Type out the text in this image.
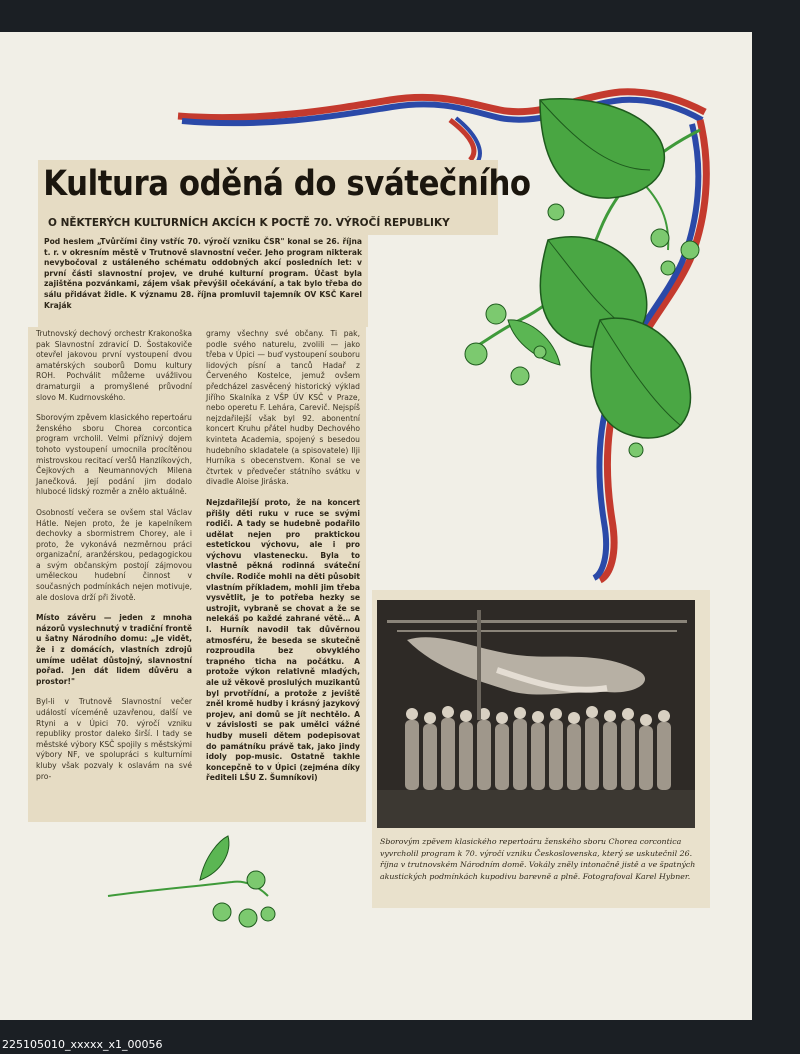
Kultura oděná do svátečního
O NĚKTERÝCH KULTURNÍCH AKCÍCH K POCTĚ 70. VÝROČÍ REPUBLIKY

Pod heslem „Tvůrčími činy vstříc 70. výročí vzniku ČSR" konal se 26. října t. r. v okresním městě v Trutnově slavnostní večer. Jeho program nikterak nevybočoval z ustáleného schématu oddobných akcí posledních let: v první části slavnostní projev, ve druhé kulturní program. Účast byla zajištěna pozvánkami, zájem však převýšil očekávání, a tak bylo třeba do sálu přidávat židle. K významu 28. října promluvil tajemník OV KSČ Karel Kraják

Trutnovský dechový orchestr Krakonoška pak Slavnostní zdravicí D. Šostakoviče otevřel jakovou první vystoupení dvou amatérských souborů Domu kultury ROH. Pochválit můžeme uvážlivou dramaturgii a promyšlené průvodní slovo M. Kudrnovského.

Sborovým zpěvem klasického repertoáru ženského sboru Chorea corcontica program vrcholil. Velmi příznivý dojem tohoto vystoupení umocnila procítěnou mistrovskou recitací veršů Hanzlíkových, Čejkových a Neumannových Milena Janečková. Její podání jim dodalo hlubocé lidský rozměr a znělo aktuálně.

Osobností večera se ovšem stal Václav Hátle. Nejen proto, že je kapelníkem dechovky a sbormistrem Chorey, ale i proto, že vykonává nezměrnou práci organizační, aranžérskou, pedagogickou a svým občanským postojí zájmovou uměleckou hudební činnost v současných podmínkách nejen motivuje, ale doslova drží při životě.

Místo závěru — jeden z mnoha názorů vyslechnutý v tradiční frontě u šatny Národního domu: „Je vidět, že i z domácích, vlastních zdrojů umíme udělat důstojný, slavnostní pořad. Jen dát lidem důvěru a prostor!"

Byl-li v Trutnově Slavnostní večer událostí víceméně uzavřenou, další ve Rtyni a v Úpici 70. výročí vzniku republiky prostor daleko širší. I tady se městské výbory KSČ spojily s městskými výbory NF, ve spolupráci s kulturními kluby však pozvaly k oslavám na své pro-

gramy všechny své občany. Ti pak, podle svého naturelu, zvolili — jako třeba v Úpici — buď vystoupení souboru lidových písní a tanců Hadař z Červeného Kostelce, jemuž ovšem předcházel zasvěcený historický výklad Jiřího Skalníka z VŠP ÚV KSČ v Praze, nebo operetu F. Lehára, Carevič. Nejspíš nejzdařilejší však byl 92. abonentní koncert Kruhu přátel hudby Dechového kvinteta Academia, spojený s besedou hudebního skladatele (a spisovatele) Ilji Hurníka s obecenstvem. Konal se ve čtvrtek v předvečer státního svátku v divadle Aloise Jiráska.

Nejzdařilejší proto, že na koncert přišly děti ruku v ruce se svými rodiči. A tady se hudebně podařilo udělat nejen pro praktickou estetickou výchovu, ale i pro výchovu vlastenecku. Byla to vlastně pěkná rodinná sváteční chvíle. Rodiče mohli na děti působit vlastním příkladem, mohli jim třeba vysvětlit, je to potřeba hezky se ustrojit, vybraně se chovat a že se nelekáš po každé zahrané větě… A I. Hurník navodil tak důvěrnou atmosféru, že beseda se skutečně rozproudila bez obvyklého trapného ticha na počátku. A protože výkon relativně mladých, ale už věkově proslulých muzikantů byl prvotřídní, a protože z jeviště zněl kromě hudby i krásný jazykový projev, ani domů se jít nechtělo. A v závislosti se pak umělci vážné hudby museli dětem podepisovat do památníku právě tak, jako jindy idoly pop-music. Ostatně takhle koncepčně to v Úpici (zejména díky řediteli LŠU Z. Šumníkovi)

Sborovým zpěvem klasického repertoáru ženského sboru Chorea corcontica vyvrcholil program k 70. výročí vzniku Československa, který se uskutečnil 26. října v trutnovském Národním domě. Vokály zněly intonačně jistě a ve špatných akustických podmínkách kupodivu barevně a plně. Fotografoval Karel Hybner.
225105010_xxxxx_x1_00056
